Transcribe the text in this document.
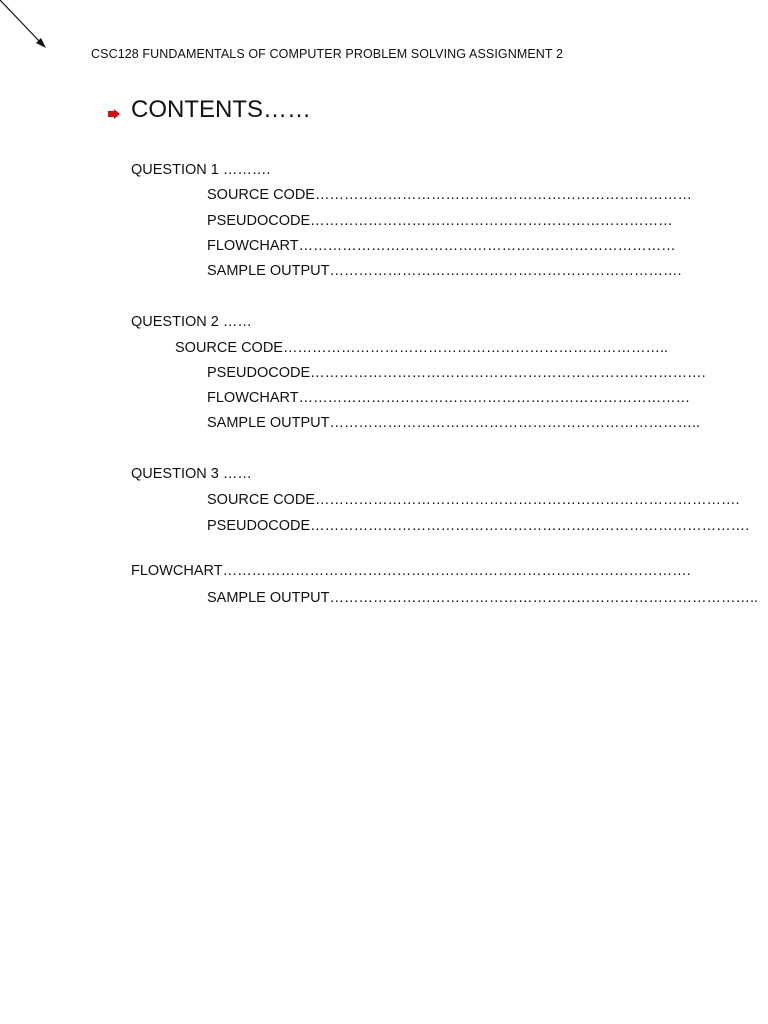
CSC128 FUNDAMENTALS OF COMPUTER PROBLEM SOLVING ASSIGNMENT 2
CONTENTS……
QUESTION 1 ……….
SOURCE CODE……………………………………………………………………
PSEUDOCODE…………………………………………………………………
FLOWCHART……………………………………………………………………
SAMPLE OUTPUT……………………………………………………………….
QUESTION 2 ……
SOURCE CODE……………………………………………………………………..
PSEUDOCODE……………………………………………………………………….
FLOWCHART………………………………………………………………………
SAMPLE OUTPUT…………………………………………………………………..
QUESTION 3 ……
SOURCE CODE…………………………………………………………………………….
PSEUDOCODE……………………………………………………………………………….
FLOWCHART…………………………………………………………………………………….
SAMPLE OUTPUT……………………………………………………………………………..
